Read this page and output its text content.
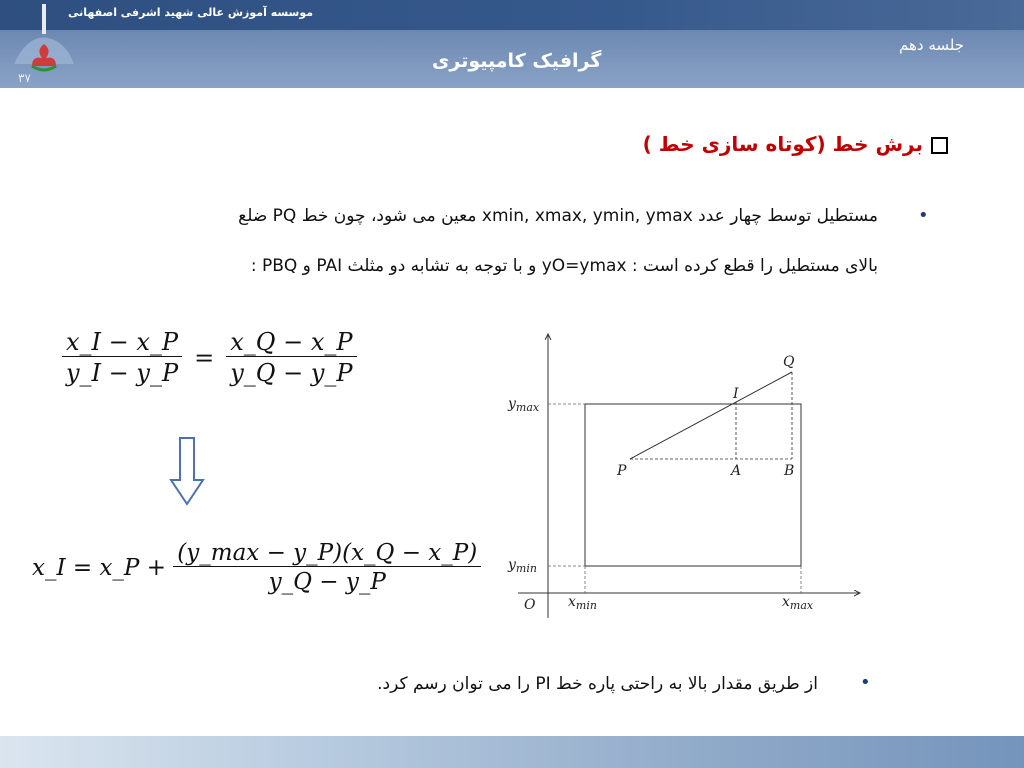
۳۷
موسسه آموزش عالی شهید اشرفی اصفهانی
جلسه دهم
گرافیک کامپیوتری
برش خط (کوتاه سازی خط )
•
مستطیل توسط چهار عدد xmin, xmax, ymin, ymax معین می شود، چون خط PQ ضلع
بالای مستطیل را قطع کرده است : yO=ymax و با توجه به تشابه دو مثلث PAI و PBQ :
$\frac{x\_I - x\_P}{y\_I - y\_P} = \frac{x\_Q - x\_P}{y\_Q - y\_P}$
x_I = x_P + $\frac{(y\_\max - y\_P)(x\_Q - x\_P)}{y\_Q - y\_P}$
O
$y_{max}$
$y_{min}$
$x_{min}$	$x_{max}$
P	A	B
I
Q
•
از طریق مقدار بالا به راحتی پاره خط PI را می توان رسم کرد.
